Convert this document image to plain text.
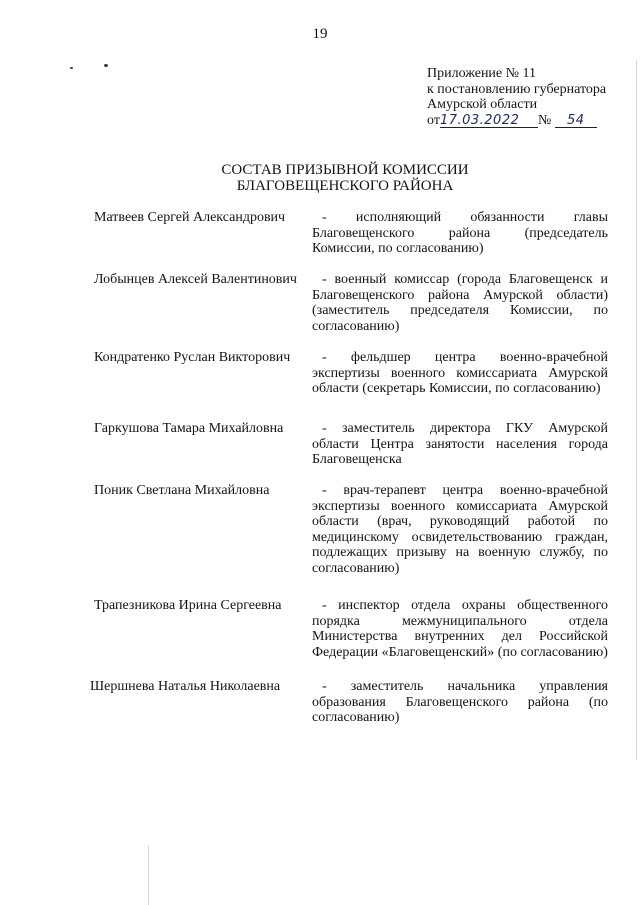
19
Приложение № 11
к постановлению губернатора
Амурской области
от17.03.2022 № 54
СОСТАВ ПРИЗЫВНОЙ КОМИССИИ
БЛАГОВЕЩЕНСКОГО РАЙОНА
Матвеев Сергей Александрович	- исполняющий обязанности главы Благовещенского района (председатель Комиссии, по согласованию)
Лобынцев Алексей Валентинович	- военный комиссар (города Благовещенск и Благовещенского района Амурской области) (заместитель председателя Комиссии, по согласованию)
Кондратенко Руслан Викторович	- фельдшер центра военно-врачебной экспертизы военного комиссариата Амурской области (секретарь Комиссии, по согласованию)
Гаркушова Тамара Михайловна	- заместитель директора ГКУ Амурской области Центра занятости населения города Благовещенска
Поник Светлана Михайловна	- врач-терапевт центра военно-врачебной экспертизы военного комиссариата Амурской области (врач, руководящий работой по медицинскому освидетельствованию граждан, подлежащих призыву на военную службу, по согласованию)
Трапезникова Ирина Сергеевна	- инспектор отдела охраны общественного порядка межмуниципального отдела Министерства внутренних дел Российской Федерации «Благовещенский» (по согласованию)
Шершнева Наталья Николаевна	- заместитель начальника управления образования Благовещенского района (по согласованию)
